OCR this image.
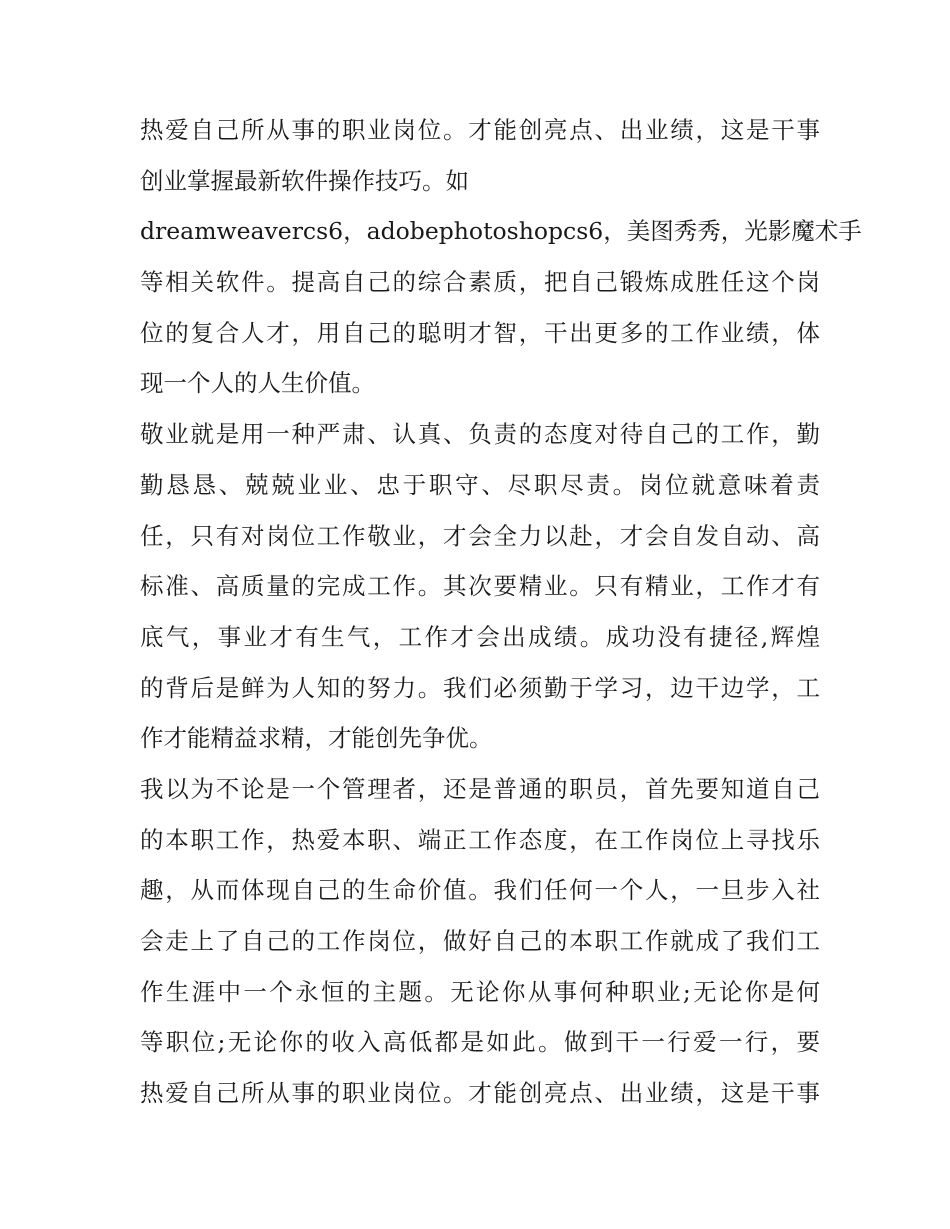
热爱自己所从事的职业岗位。才能创亮点、出业绩，这是干事
创业掌握最新软件操作技巧。如
dreamweavercs6，adobephotoshopcs6，美图秀秀，光影魔术手
等相关软件。提高自己的综合素质，把自己锻炼成胜任这个岗
位的复合人才，用自己的聪明才智，干出更多的工作业绩，体
现一个人的人生价值。
敬业就是用一种严肃、认真、负责的态度对待自己的工作，勤
勤恳恳、兢兢业业、忠于职守、尽职尽责。岗位就意味着责
任，只有对岗位工作敬业，才会全力以赴，才会自发自动、高
标准、高质量的完成工作。其次要精业。只有精业，工作才有
底气，事业才有生气，工作才会出成绩。成功没有捷径,辉煌
的背后是鲜为人知的努力。我们必须勤于学习，边干边学，工
作才能精益求精，才能创先争优。
我以为不论是一个管理者，还是普通的职员，首先要知道自己
的本职工作，热爱本职、端正工作态度，在工作岗位上寻找乐
趣，从而体现自己的生命价值。我们任何一个人，一旦步入社
会走上了自己的工作岗位，做好自己的本职工作就成了我们工
作生涯中一个永恒的主题。无论你从事何种职业;无论你是何
等职位;无论你的收入高低都是如此。做到干一行爱一行，要
热爱自己所从事的职业岗位。才能创亮点、出业绩，这是干事
